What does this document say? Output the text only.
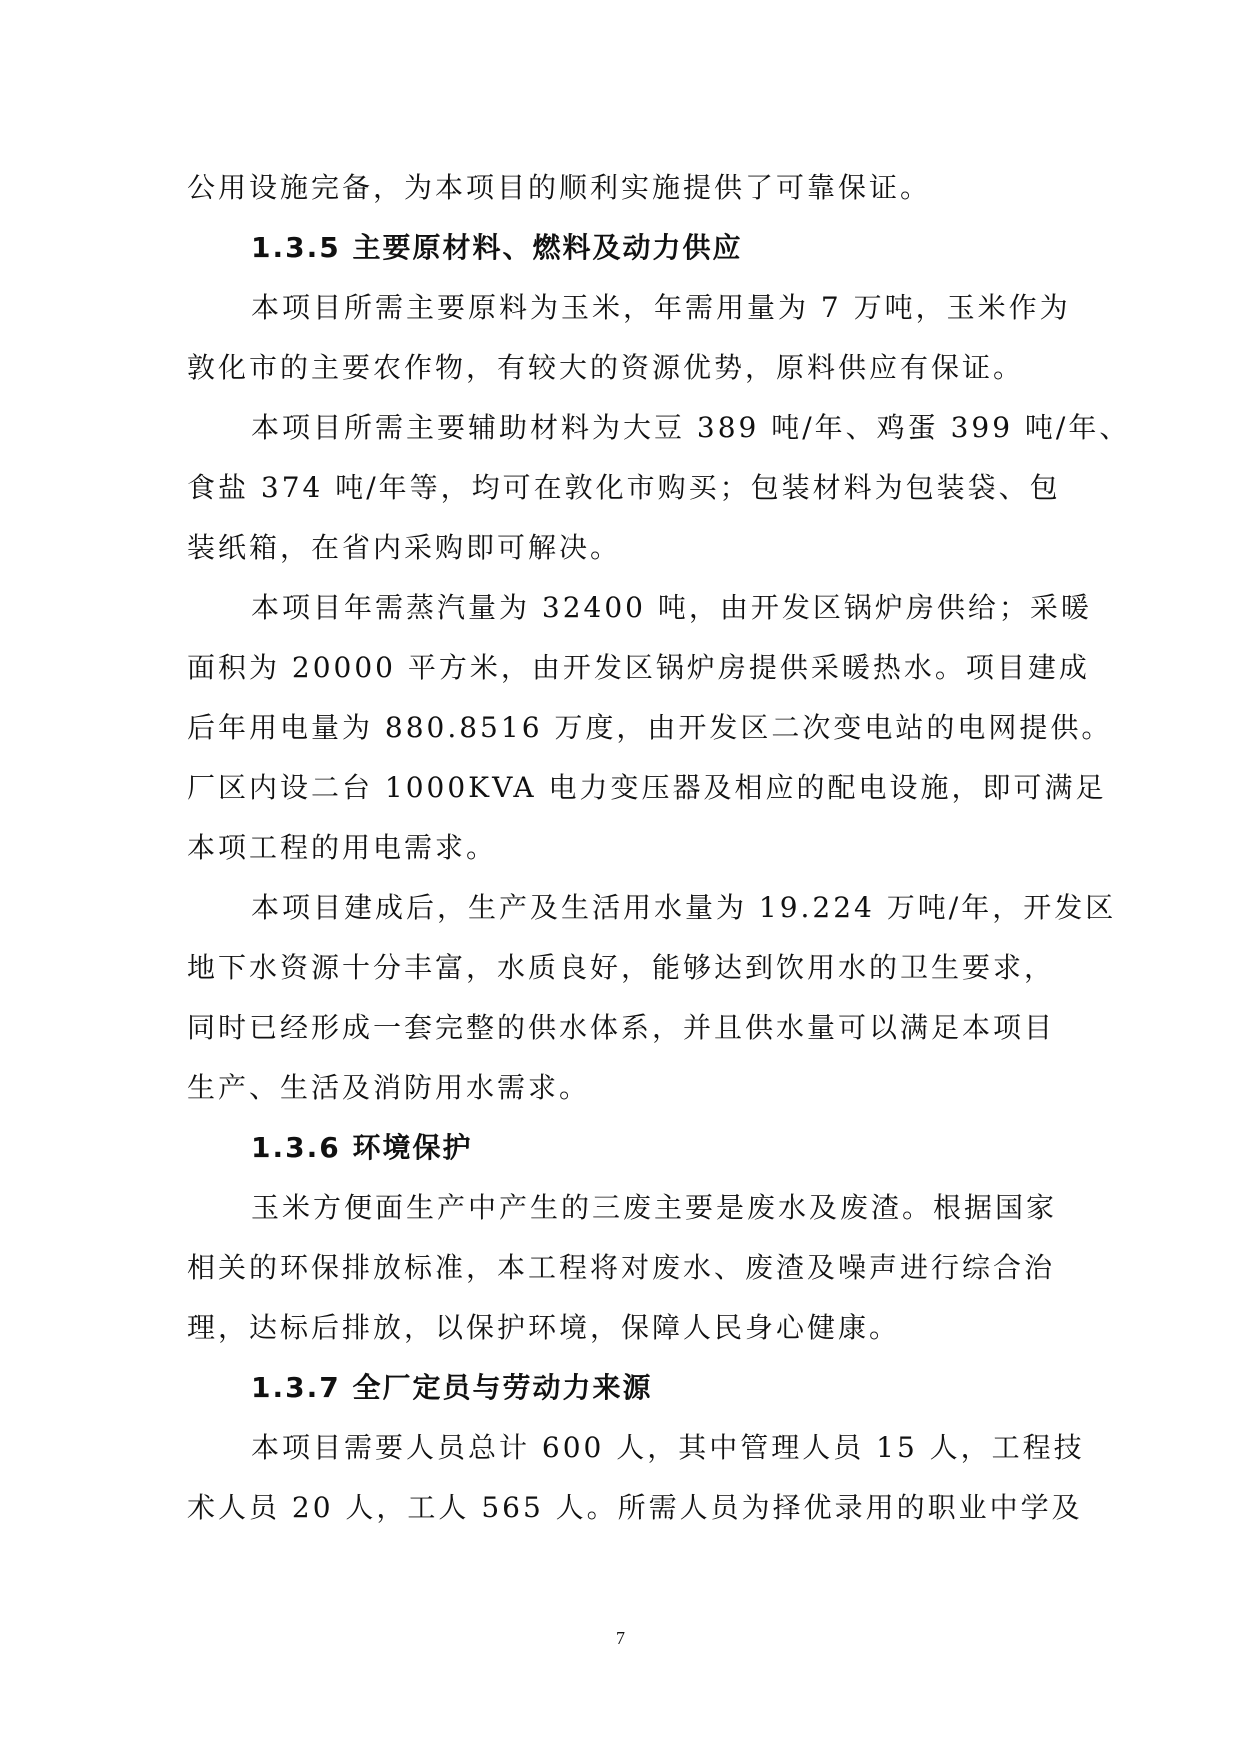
公用设施完备，为本项目的顺利实施提供了可靠保证。
1.3.5 主要原材料、燃料及动力供应
本项目所需主要原料为玉米，年需用量为 7 万吨，玉米作为
敦化市的主要农作物，有较大的资源优势，原料供应有保证。
本项目所需主要辅助材料为大豆 389 吨/年、鸡蛋 399 吨/年、
食盐 374 吨/年等，均可在敦化市购买；包装材料为包装袋、包
装纸箱，在省内采购即可解决。
本项目年需蒸汽量为 32400 吨，由开发区锅炉房供给；采暖
面积为 20000 平方米，由开发区锅炉房提供采暖热水。项目建成
后年用电量为 880.8516 万度，由开发区二次变电站的电网提供。
厂区内设二台 1000KVA 电力变压器及相应的配电设施，即可满足
本项工程的用电需求。
本项目建成后，生产及生活用水量为 19.224 万吨/年，开发区
地下水资源十分丰富，水质良好，能够达到饮用水的卫生要求，
同时已经形成一套完整的供水体系，并且供水量可以满足本项目
生产、生活及消防用水需求。
1.3.6 环境保护
玉米方便面生产中产生的三废主要是废水及废渣。根据国家
相关的环保排放标准，本工程将对废水、废渣及噪声进行综合治
理，达标后排放，以保护环境，保障人民身心健康。
1.3.7 全厂定员与劳动力来源
本项目需要人员总计 600 人，其中管理人员 15 人，工程技
术人员 20 人，工人 565 人。所需人员为择优录用的职业中学及
7
